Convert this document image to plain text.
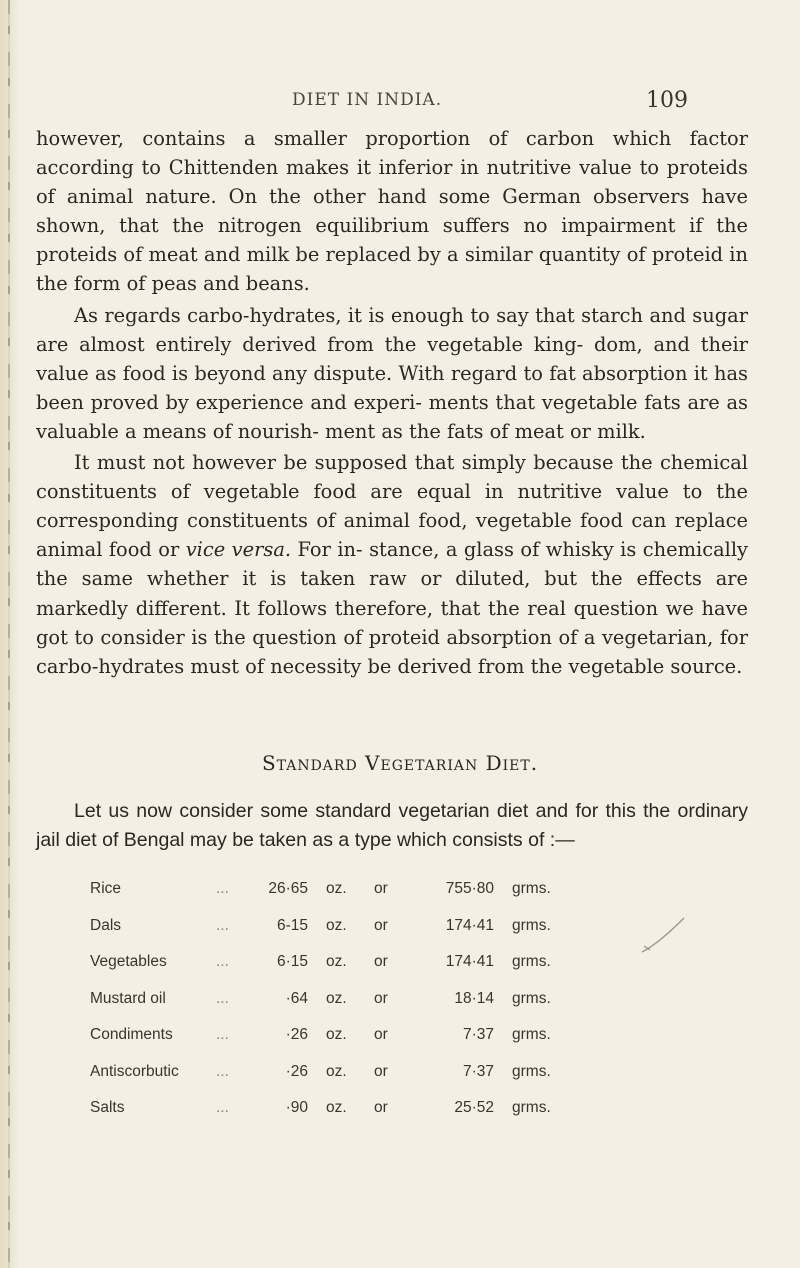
DIET IN INDIA.	109

however, contains a smaller proportion of carbon which factor according to Chittenden makes it inferior in nutritive value to proteids of animal nature. On the other hand some German observers have shown, that the nitrogen equilibrium suffers no impairment if the proteids of meat and milk be replaced by a similar quantity of proteid in the form of peas and beans.

As regards carbo-hydrates, it is enough to say that starch and sugar are almost entirely derived from the vegetable king- dom, and their value as food is beyond any dispute. With regard to fat absorption it has been proved by experience and experi- ments that vegetable fats are as valuable a means of nourish- ment as the fats of meat or milk.

It must not however be supposed that simply because the chemical constituents of vegetable food are equal in nutritive value to the corresponding constituents of animal food, vegetable food can replace animal food or vice versa. For in- stance, a glass of whisky is chemically the same whether it is taken raw or diluted, but the effects are markedly different. It follows therefore, that the real question we have got to consider is the question of proteid absorption of a vegetarian, for carbo-hydrates must of necessity be derived from the vegetable source.

Standard Vegetarian Diet.

Let us now consider some standard vegetarian diet and for this the ordinary jail diet of Bengal may be taken as a type which consists of :—

Rice	...	26·65 oz. or	755·80 grms.
Dals	...	6-15 oz. or	174·41 grms.
Vegetables	...	6·15 oz. or	174·41 grms.
Mustard oil	...	·64 oz. or	18·14 grms.
Condiments	...	·26 oz. or	7·37 grms.
Antiscorbutic ...	·26 oz. or	7·37 grms.
Salts	...	·90 oz. or	25·52 grms.
